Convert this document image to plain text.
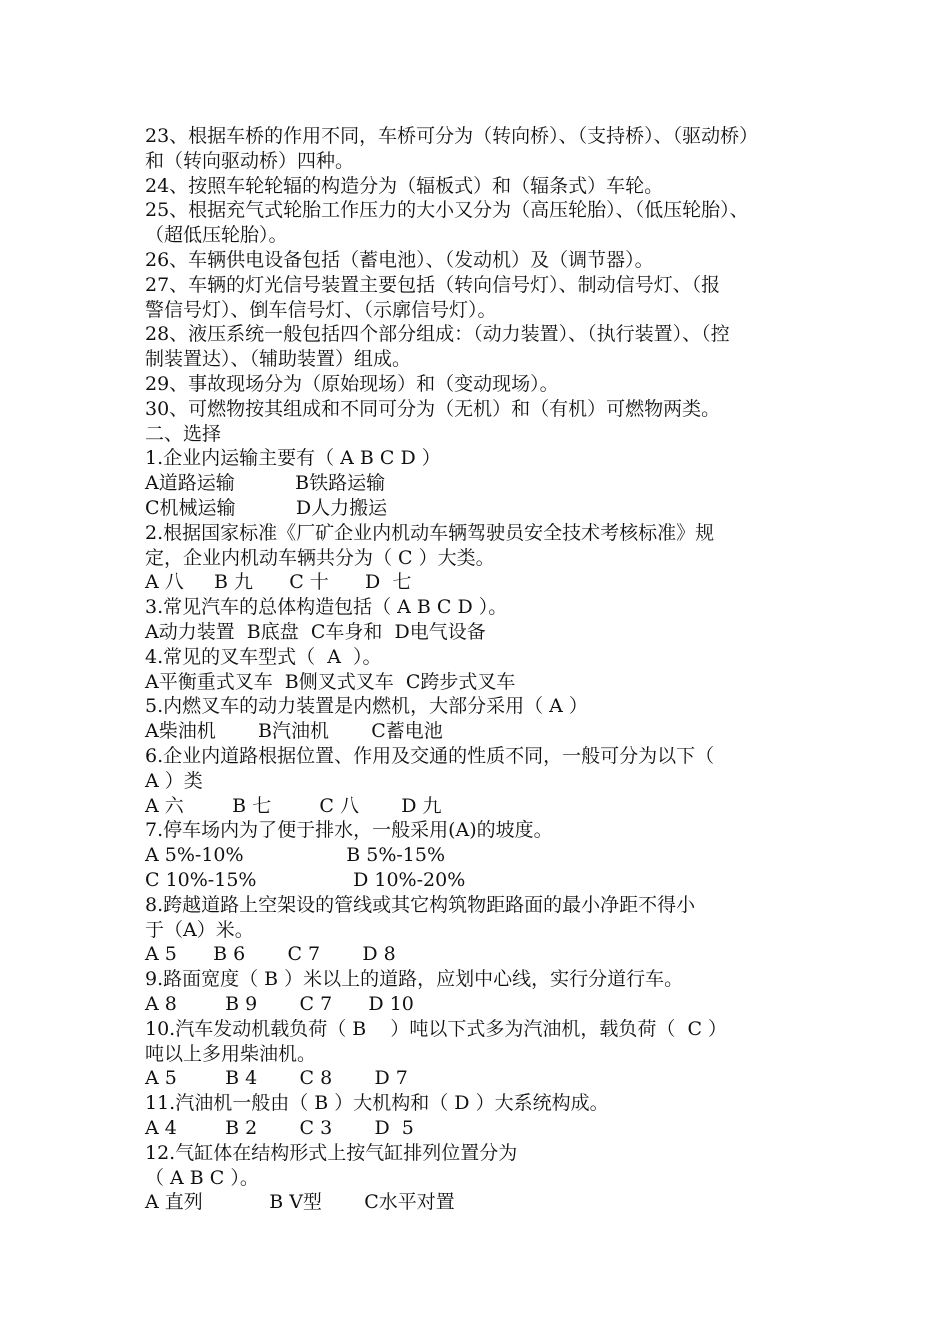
23、根据车桥的作用不同，车桥可分为（转向桥）、（支持桥）、（驱动桥）
和（转向驱动桥）四种。
24、按照车轮轮辐的构造分为（辐板式）和（辐条式）车轮。
25、根据充气式轮胎工作压力的大小又分为（高压轮胎）、（低压轮胎）、
（超低压轮胎）。
26、车辆供电设备包括（蓄电池）、（发动机）及（调节器）。
27、车辆的灯光信号装置主要包括（转向信号灯）、制动信号灯、（报
警信号灯）、倒车信号灯、（示廓信号灯）。
28、液压系统一般包括四个部分组成：（动力装置）、（执行装置）、（控
制装置达）、（辅助装置）组成。
29、事故现场分为（原始现场）和（变动现场）。
30、可燃物按其组成和不同可分为（无机）和（有机）可燃物两类。
二、选择
1.企业内运输主要有（ A B C D ）
A道路运输          B铁路运输
C机械运输          D人力搬运
2.根据国家标准《厂矿企业内机动车辆驾驶员安全技术考核标准》规
定，企业内机动车辆共分为（ C ）大类。
A 八     B 九      C 十      D  七
3.常见汽车的总体构造包括（ A B C D ）。
A动力装置  B底盘  C车身和  D电气设备
4.常见的叉车型式（  A  ）。
A平衡重式叉车  B侧叉式叉车  C跨步式叉车
5.内燃叉车的动力装置是内燃机，大部分采用（ A ）
A柴油机       B汽油机       C蓄电池
6.企业内道路根据位置、作用及交通的性质不同，一般可分为以下（
A ）类
A 六        B 七        C 八       D 九
7.停车场内为了便于排水，一般采用(A)的坡度。
A 5%-10%                 B 5%-15%
C 10%-15%                D 10%-20%
8.跨越道路上空架设的管线或其它构筑物距路面的最小净距不得小
于（A）米。
A 5      B 6       C 7       D 8
9.路面宽度（ B ）米以上的道路，应划中心线，实行分道行车。
A 8        B 9       C 7      D 10
10.汽车发动机载负荷（ B    ）吨以下式多为汽油机，载负荷（  C ）
吨以上多用柴油机。
A 5        B 4       C 8       D 7
11.汽油机一般由（ B ）大机构和（ D ）大系统构成。
A 4        B 2       C 3       D  5
12.气缸体在结构形式上按气缸排列位置分为
（ A B C ）。
A 直列           B V型       C水平对置
